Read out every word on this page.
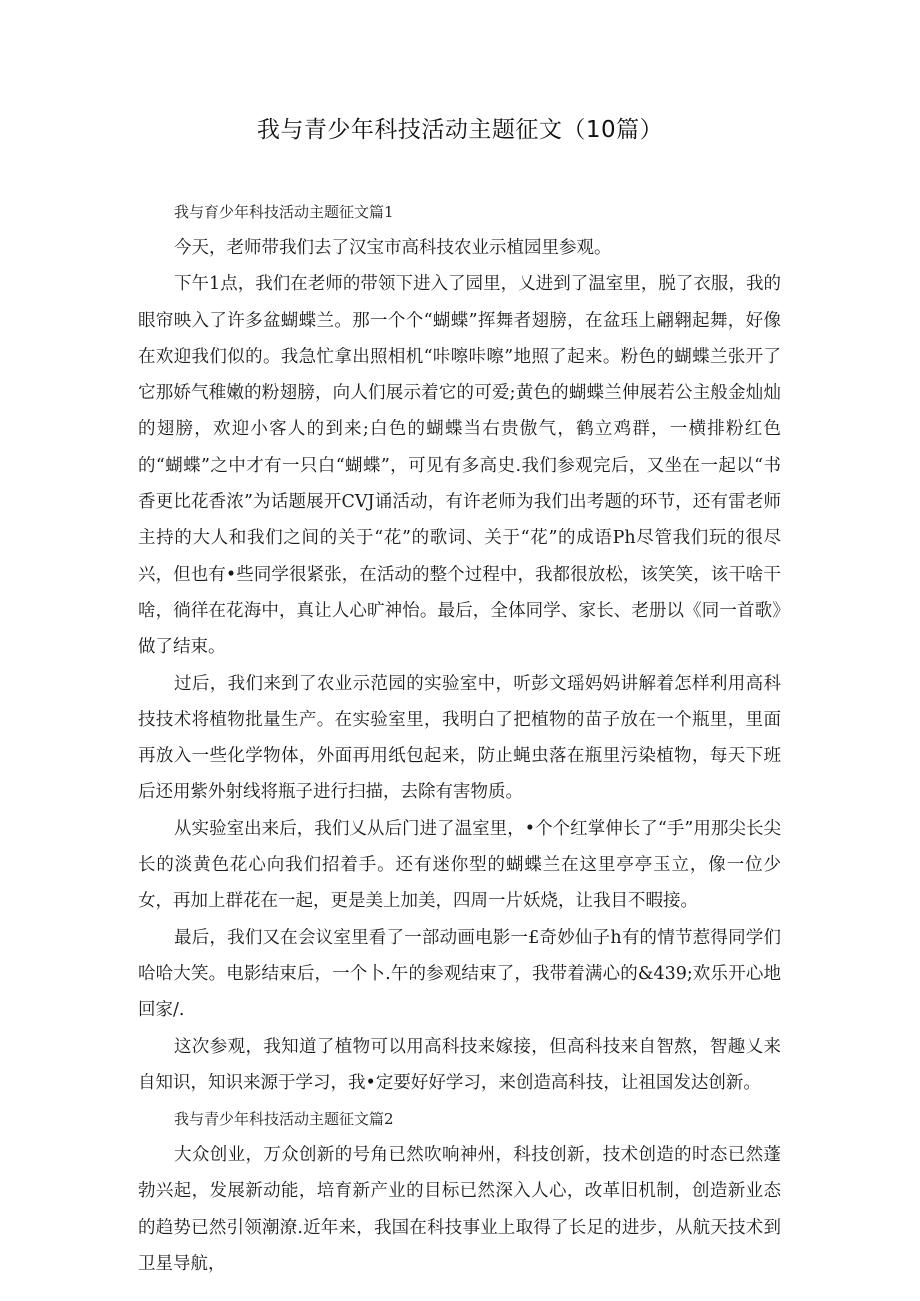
我与青少年科技活动主题征文（10篇）

我与育少年科技活动主题征文篇1

今天，老师带我们去了汉宝市高科技农业示植园里参观。

下午1点，我们在老师的带领下进入了园里，乂进到了温室里，脱了衣服，我的眼帘映入了许多盆蝴蝶兰。那一个个“蝴蝶”挥舞者翅膀，在盆珏上翩翱起舞，好像在欢迎我们似的。我急忙拿出照相机“咔嚓咔嚓”地照了起来。粉色的蝴蝶兰张开了它那娇气稚嫩的粉翅膀，向人们展示着它的可爱;黄色的蝴蝶兰伸展若公主般金灿灿的翅膀，欢迎小客人的到来;白色的蝴蝶当右贵傲气，鹤立鸡群，一横排粉红色的“蝴蝶”之中才有一只白“蝴蝶”，可见有多高史.我们参观完后，又坐在一起以“书香更比花香浓”为话题展开CVJ诵活动，有许老师为我们出考题的环节，还有雷老师主持的大人和我们之间的关于“花”的歌词、关于“花”的成语Ph尽管我们玩的很尽兴，但也有•些同学很紧张，在活动的整个过程中，我都很放松，该笑笑，该干啥干啥，徜徉在花海中，真让人心旷神怡。最后，全体同学、家长、老册以《同一首歌》做了结束。

过后，我们来到了农业示范园的实验室中，听彭文瑶妈妈讲解着怎样利用高科技技术将植物批量生产。在实验室里，我明白了把植物的苗子放在一个瓶里，里面再放入一些化学物体，外面再用纸包起来，防止蝇虫落在瓶里污染植物，每天下班后还用紫外射线将瓶子进行扫描，去除有害物质。

从实验室出来后，我们乂从后门进了温室里，•个个红掌伸长了“手”用那尖长尖长的淡黄色花心向我们招着手。还有迷你型的蝴蝶兰在这里亭亭玉立，像一位少女，再加上群花在一起，更是美上加美，四周一片妖烧，让我目不暇接。

最后，我们又在会议室里看了一部动画电影一£奇妙仙子h有的情节惹得同学们哈哈大笑。电影结束后，一个卜.午的参观结束了，我带着满心的&439;欢乐开心地回家/.

这次参观，我知道了植物可以用高科技来嫁接，但高科技来自智熬，智趣乂来自知识，知识来源于学习，我•定要好好学习，来创造高科技，让祖国发达创新。

我与青少年科技活动主题征文篇2

大众创业，万众创新的号角已然吹响神州，科技创新，技术创造的时态已然蓬勃兴起，发展新动能，培育新产业的目标已然深入人心，改革旧机制，创造新业态的趋势已然引领潮潦.近年来，我国在科技事业上取得了长足的进步，从航天技术到卫星导航，
